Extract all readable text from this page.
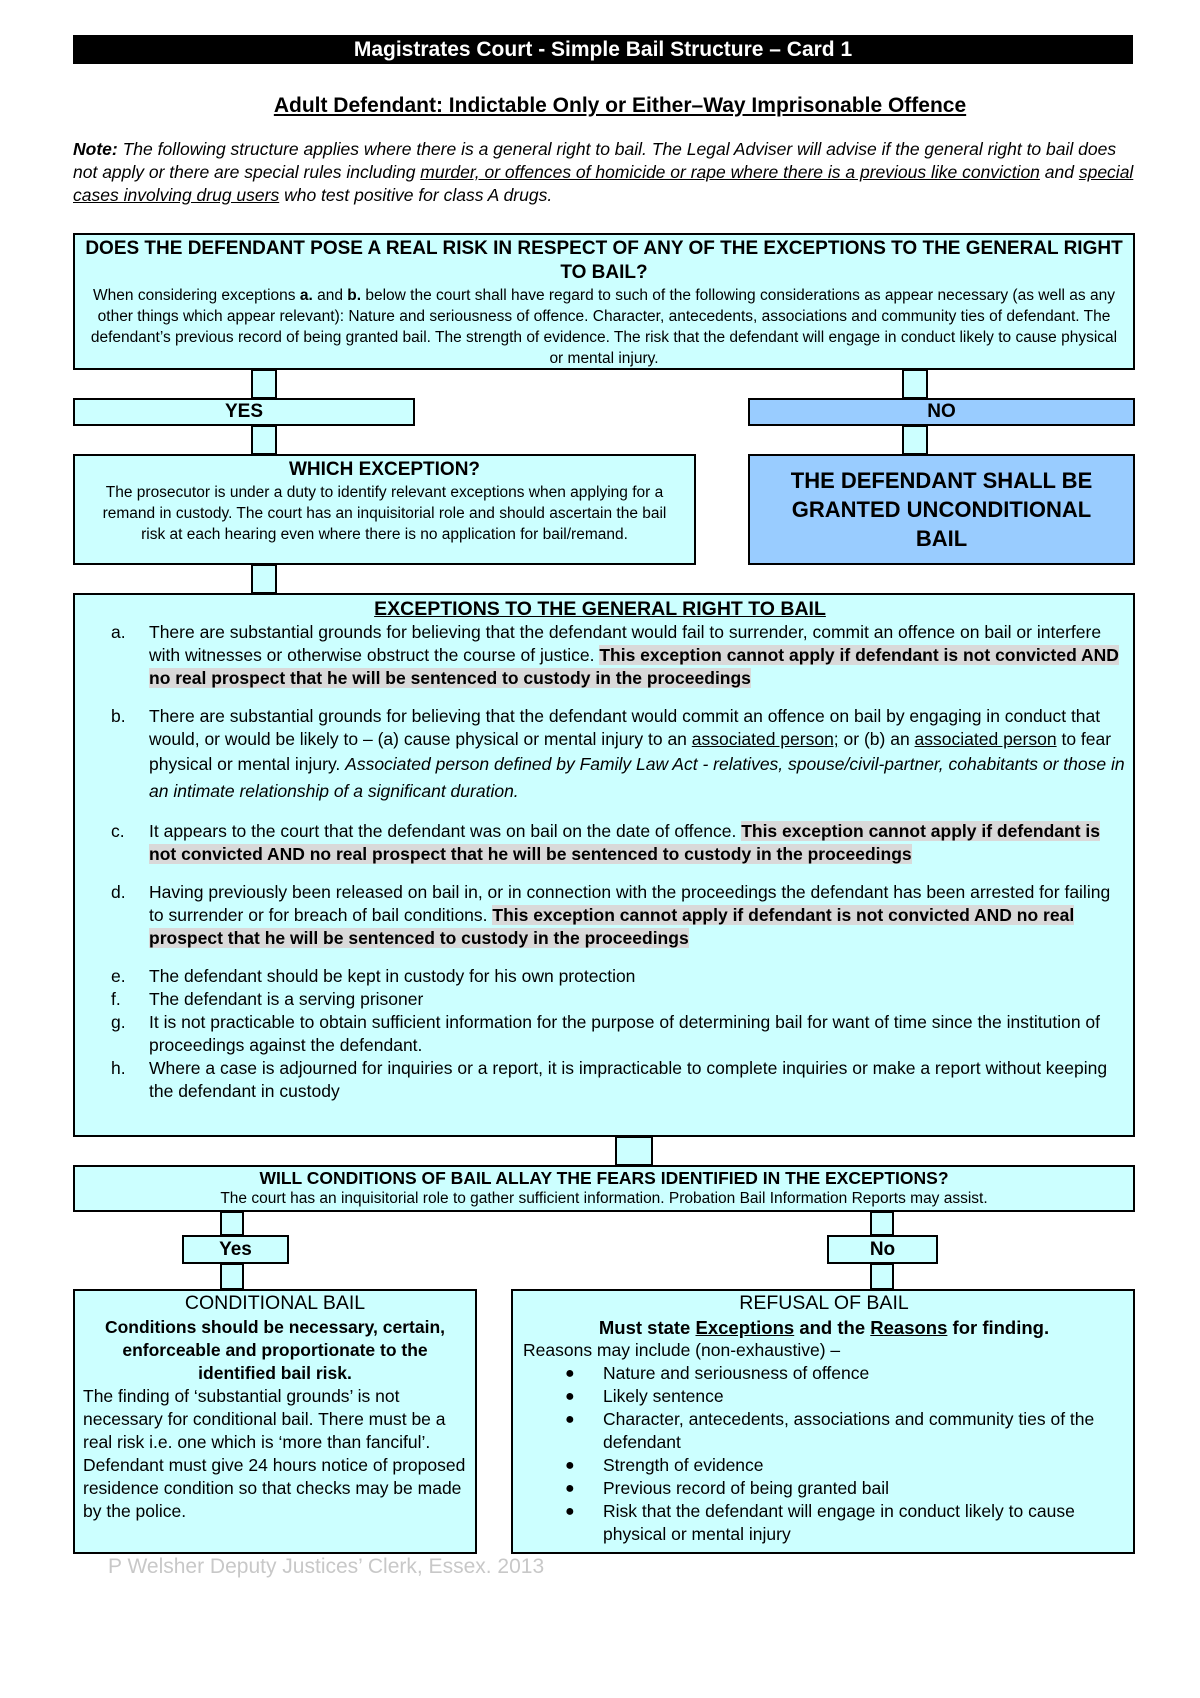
Magistrates Court - Simple Bail Structure – Card 1
Adult Defendant: Indictable Only or Either–Way Imprisonable Offence
Note: The following structure applies where there is a general right to bail. The Legal Adviser will advise if the general right to bail does not apply or there are special rules including murder, or offences of homicide or rape where there is a previous like conviction and special cases involving drug users who test positive for class A drugs.
DOES THE DEFENDANT POSE A REAL RISK IN RESPECT OF ANY OF THE EXCEPTIONS TO THE GENERAL RIGHT TO BAIL?
When considering exceptions a. and b. below the court shall have regard to such of the following considerations as appear necessary (as well as any other things which appear relevant): Nature and seriousness of offence. Character, antecedents, associations and community ties of defendant. The defendant’s previous record of being granted bail. The strength of evidence. The risk that the defendant will engage in conduct likely to cause physical or mental injury.
YES	NO
WHICH EXCEPTION?
The prosecutor is under a duty to identify relevant exceptions when applying for a remand in custody. The court has an inquisitorial role and should ascertain the bail risk at each hearing even where there is no application for bail/remand.
THE DEFENDANT SHALL BE GRANTED UNCONDITIONAL BAIL
EXCEPTIONS TO THE GENERAL RIGHT TO BAIL
a. There are substantial grounds for believing that the defendant would fail to surrender, commit an offence on bail or interfere with witnesses or otherwise obstruct the course of justice. This exception cannot apply if defendant is not convicted AND no real prospect that he will be sentenced to custody in the proceedings
b. There are substantial grounds for believing that the defendant would commit an offence on bail by engaging in conduct that would, or would be likely to – (a) cause physical or mental injury to an associated person; or (b) an associated person to fear physical or mental injury. Associated person defined by Family Law Act - relatives, spouse/civil-partner, cohabitants or those in an intimate relationship of a significant duration.
c. It appears to the court that the defendant was on bail on the date of offence. This exception cannot apply if defendant is not convicted AND no real prospect that he will be sentenced to custody in the proceedings
d. Having previously been released on bail in, or in connection with the proceedings the defendant has been arrested for failing to surrender or for breach of bail conditions. This exception cannot apply if defendant is not convicted AND no real prospect that he will be sentenced to custody in the proceedings
e. The defendant should be kept in custody for his own protection
f. The defendant is a serving prisoner
g. It is not practicable to obtain sufficient information for the purpose of determining bail for want of time since the institution of proceedings against the defendant.
h. Where a case is adjourned for inquiries or a report, it is impracticable to complete inquiries or make a report without keeping the defendant in custody
WILL CONDITIONS OF BAIL ALLAY THE FEARS IDENTIFIED IN THE EXCEPTIONS?
The court has an inquisitorial role to gather sufficient information. Probation Bail Information Reports may assist.
Yes	No
CONDITIONAL BAIL
Conditions should be necessary, certain, enforceable and proportionate to the identified bail risk.
The finding of ‘substantial grounds’ is not necessary for conditional bail. There must be a real risk i.e. one which is ‘more than fanciful’.
Defendant must give 24 hours notice of proposed residence condition so that checks may be made by the police.
REFUSAL OF BAIL
Must state Exceptions and the Reasons for finding.
Reasons may include (non-exhaustive) –
● Nature and seriousness of offence
● Likely sentence
● Character, antecedents, associations and community ties of the defendant
● Strength of evidence
● Previous record of being granted bail
● Risk that the defendant will engage in conduct likely to cause physical or mental injury
P Welsher Deputy Justices’ Clerk, Essex. 2013
